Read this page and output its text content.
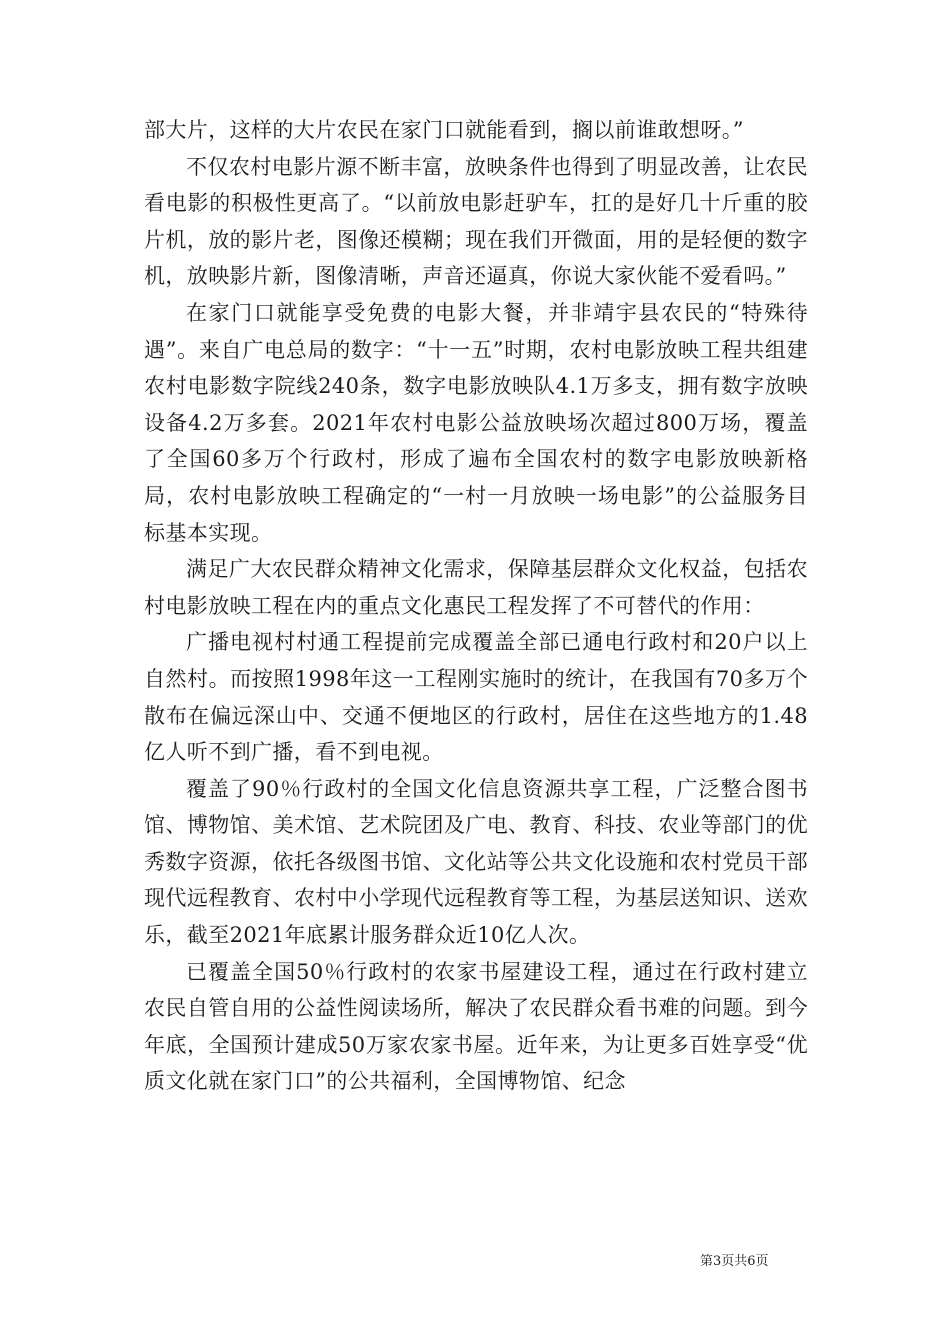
部大片，这样的大片农民在家门口就能看到，搁以前谁敢想呀。”

不仅农村电影片源不断丰富，放映条件也得到了明显改善，让农民看电影的积极性更高了。“以前放电影赶驴车，扛的是好几十斤重的胶片机，放的影片老，图像还模糊；现在我们开微面，用的是轻便的数字机，放映影片新，图像清晰，声音还逼真，你说大家伙能不爱看吗。”

在家门口就能享受免费的电影大餐，并非靖宇县农民的“特殊待遇”。来自广电总局的数字：“十一五”时期，农村电影放映工程共组建农村电影数字院线240条，数字电影放映队4.1万多支，拥有数字放映设备4.2万多套。2021年农村电影公益放映场次超过800万场，覆盖了全国60多万个行政村，形成了遍布全国农村的数字电影放映新格局，农村电影放映工程确定的“一村一月放映一场电影”的公益服务目标基本实现。

满足广大农民群众精神文化需求，保障基层群众文化权益，包括农村电影放映工程在内的重点文化惠民工程发挥了不可替代的作用：

广播电视村村通工程提前完成覆盖全部已通电行政村和20户以上自然村。而按照1998年这一工程刚实施时的统计，在我国有70多万个散布在偏远深山中、交通不便地区的行政村，居住在这些地方的1.48亿人听不到广播，看不到电视。

覆盖了90％行政村的全国文化信息资源共享工程，广泛整合图书馆、博物馆、美术馆、艺术院团及广电、教育、科技、农业等部门的优秀数字资源，依托各级图书馆、文化站等公共文化设施和农村党员干部现代远程教育、农村中小学现代远程教育等工程，为基层送知识、送欢乐，截至2021年底累计服务群众近10亿人次。

已覆盖全国50％行政村的农家书屋建设工程，通过在行政村建立农民自管自用的公益性阅读场所，解决了农民群众看书难的问题。到今年底，全国预计建成50万家农家书屋。近年来，为让更多百姓享受“优质文化就在家门口”的公共福利，全国博物馆、纪念

第3页共6页
